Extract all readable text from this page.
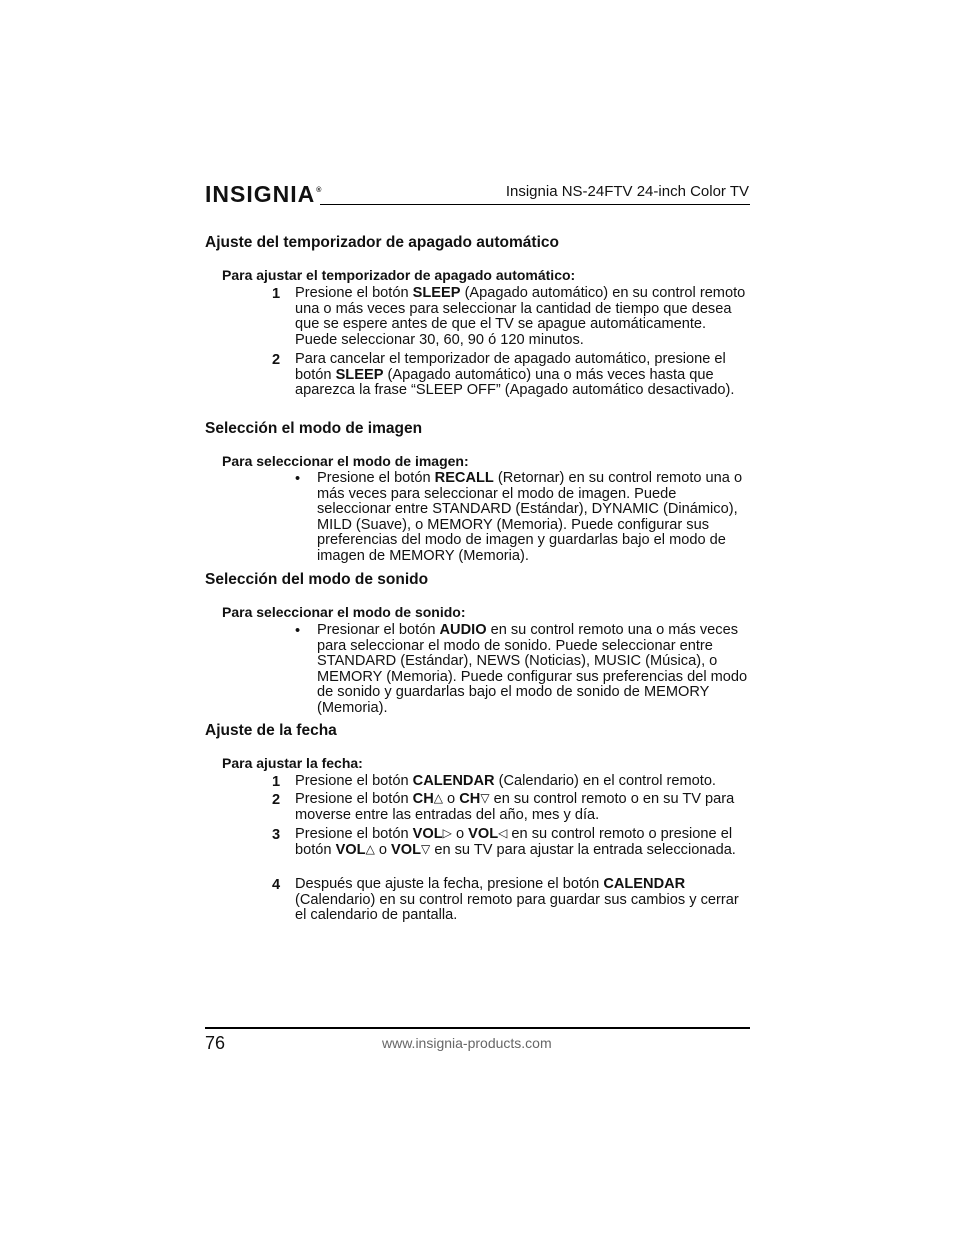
INSIGNIA®	Insignia NS-24FTV 24-inch Color TV
Ajuste del temporizador de apagado automático
Para ajustar el temporizador de apagado automático:
1 Presione el botón SLEEP (Apagado automático) en su control remoto una o más veces para seleccionar la cantidad de tiempo que desea que se espere antes de que el TV se apague automáticamente. Puede seleccionar 30, 60, 90 ó 120 minutos.
2 Para cancelar el temporizador de apagado automático, presione el botón SLEEP (Apagado automático) una o más veces hasta que aparezca la frase “SLEEP OFF” (Apagado automático desactivado).
Selección el modo de imagen
Para seleccionar el modo de imagen:
• Presione el botón RECALL (Retornar) en su control remoto una o más veces para seleccionar el modo de imagen. Puede seleccionar entre STANDARD (Estándar), DYNAMIC (Dinámico), MILD (Suave), o MEMORY (Memoria). Puede configurar sus preferencias del modo de imagen y guardarlas bajo el modo de imagen de MEMORY (Memoria).
Selección del modo de sonido
Para seleccionar el modo de sonido:
• Presionar el botón AUDIO en su control remoto una o más veces para seleccionar el modo de sonido. Puede seleccionar entre STANDARD (Estándar), NEWS (Noticias), MUSIC (Música), o MEMORY (Memoria). Puede configurar sus preferencias del modo de sonido y guardarlas bajo el modo de sonido de MEMORY (Memoria).
Ajuste de la fecha
Para ajustar la fecha:
1 Presione el botón CALENDAR (Calendario) en el control remoto.
2 Presione el botón CH△ o CH▽ en su control remoto o en su TV para moverse entre las entradas del año, mes y día.
3 Presione el botón VOL▷ o VOL◁ en su control remoto o presione el botón VOL△ o VOL▽ en su TV para ajustar la entrada seleccionada.
4 Después que ajuste la fecha, presione el botón CALENDAR (Calendario) en su control remoto para guardar sus cambios y cerrar el calendario de pantalla.
76	www.insignia-products.com
